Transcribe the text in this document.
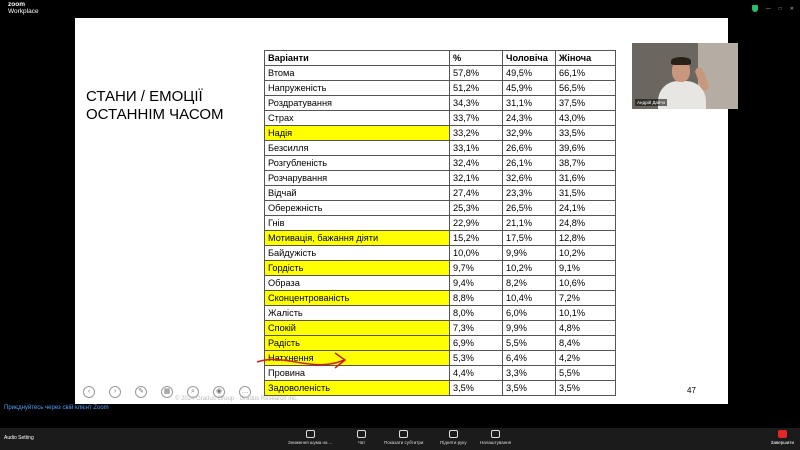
zoom
Workplace	— □ ✕
СТАНИ / ЕМОЦІЇ
ОСТАННІМ ЧАСОМ
Варіанти	%	Чоловіча	Жіноча
Втома	57,8%	49,5%	66,1%
Напруженість	51,2%	45,9%	56,5%
Роздратування	34,3%	31,1%	37,5%
Страх	33,7%	24,3%	43,0%
Надія	33,2%	32,9%	33,5%
Безсилля	33,1%	26,6%	39,6%
Розгубленість	32,4%	26,1%	38,7%
Розчарування	32,1%	32,6%	31,6%
Відчай	27,4%	23,3%	31,5%
Обережність	25,3%	26,5%	24,1%
Гнів	22,9%	21,1%	24,8%
Мотивація, бажання діяти	15,2%	17,5%	12,8%
Байдужість	10,0%	9,9%	10,2%
Гордість	9,7%	10,2%	9,1%
Образа	9,4%	8,2%	10,6%
Сконцентрованість	8,8%	10,4%	7,2%
Жалість	8,0%	6,0%	10,1%
Спокій	7,3%	9,9%	4,8%
Радість	6,9%	5,5%	8,4%
Натхнення	5,3%	6,4%	4,2%
Провина	4,4%	3,3%	5,5%
Задоволеність	3,5%	3,5%	3,5%
‹	›	✎	▦	⌕	◉	…
© 2024 Gradus Group · Gradus Research Inc.
47
Андрій Дайчо
Приєднуйтесь через свій клієнт Zoom
Audio Setting
Зниження шума на ...	Чат	Показати субтитри	Підняти руку	Налаштування	Завершити
